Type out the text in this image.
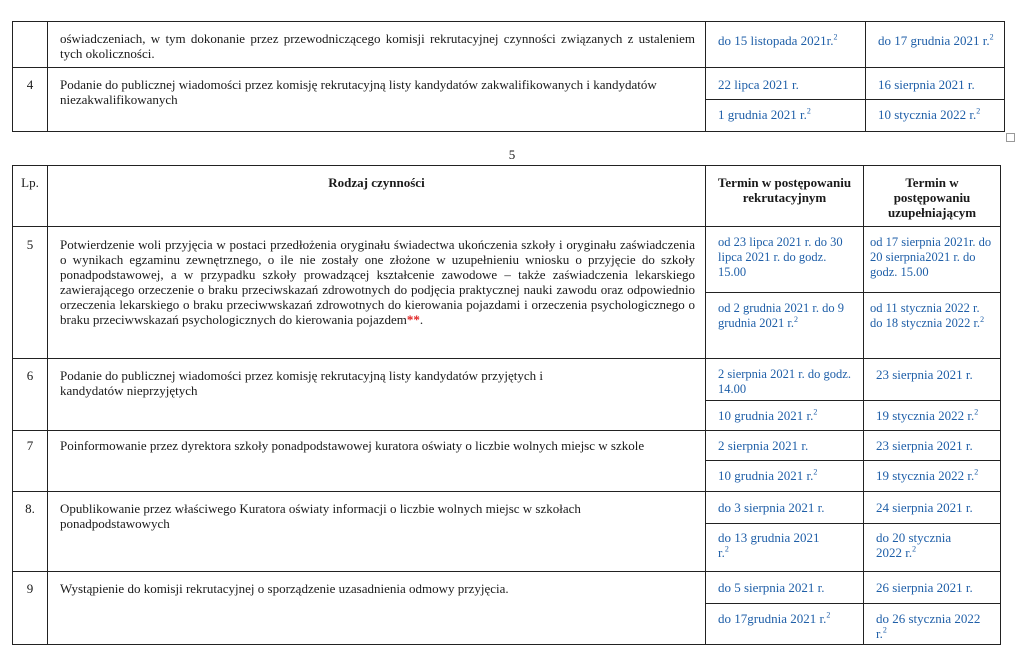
	oświadczeniach, w tym dokonanie przez przewodniczącego komisji rekrutacyjnej czynności związanych z ustaleniem tych okoliczności.	do 15 listopada 2021r.$^2$	do 17 grudnia 2021 r.$^2$
4	Podanie do publicznej wiadomości przez komisję rekrutacyjną listy kandydatów zakwalifikowanych i kandydatów niezakwalifikowanych	22 lipca 2021 r.	16 sierpnia 2021 r.
		1 grudnia 2021 r.$^2$	10 stycznia 2022 r.$^2$
5
Lp.	Rodzaj czynności	Termin w postępowaniu rekrutacyjnym	Termin w postępowaniu uzupełniającym
5	Potwierdzenie woli przyjęcia w postaci przedłożenia oryginału świadectwa ukończenia szkoły i oryginału zaświadczenia o wynikach egzaminu zewnętrznego, o ile nie zostały one złożone w uzupełnieniu wniosku o przyjęcie do szkoły ponadpodstawowej, a w przypadku szkoły prowadzącej kształcenie zawodowe – także zaświadczenia lekarskiego zawierającego orzeczenie o braku przeciwskazań zdrowotnych do podjęcia praktycznej nauki zawodu oraz odpowiednio orzeczenia lekarskiego o braku przeciwwskazań zdrowotnych do kierowania pojazdami i orzeczenia psychologicznego o braku przeciwwskazań psychologicznych do kierowania pojazdem**.	od 23 lipca 2021 r. do 30 lipca 2021 r. do godz. 15.00	od 17 sierpnia 2021r. do 20 sierpnia2021 r. do godz. 15.00
		od 2 grudnia 2021 r. do 9 grudnia 2021 r.$^2$	od 11 stycznia 2022 r. do 18 stycznia 2022 r.$^2$
6	Podanie do publicznej wiadomości przez komisję rekrutacyjną listy kandydatów przyjętych i kandydatów nieprzyjętych	2 sierpnia 2021 r. do godz. 14.00	23 sierpnia 2021 r.
		10 grudnia 2021 r.$^2$	19 stycznia 2022 r.$^2$
7	Poinformowanie przez dyrektora szkoły ponadpodstawowej kuratora oświaty o liczbie wolnych miejsc w szkole	2 sierpnia 2021 r.	23 sierpnia 2021 r.
		10 grudnia 2021 r.$^2$	19 stycznia 2022 r.$^2$
8.	Opublikowanie przez właściwego Kuratora oświaty informacji o liczbie wolnych miejsc w szkołach ponadpodstawowych	do 3 sierpnia 2021 r.	24 sierpnia 2021 r.
		do 13 grudnia 2021 r.$^2$	do 20 stycznia 2022 r.$^2$
9	Wystąpienie do komisji rekrutacyjnej o sporządzenie uzasadnienia odmowy przyjęcia.	do 5 sierpnia 2021 r.	26 sierpnia 2021 r.
		do 17grudnia 2021 r.$^2$	do 26 stycznia 2022 r.$^2$
